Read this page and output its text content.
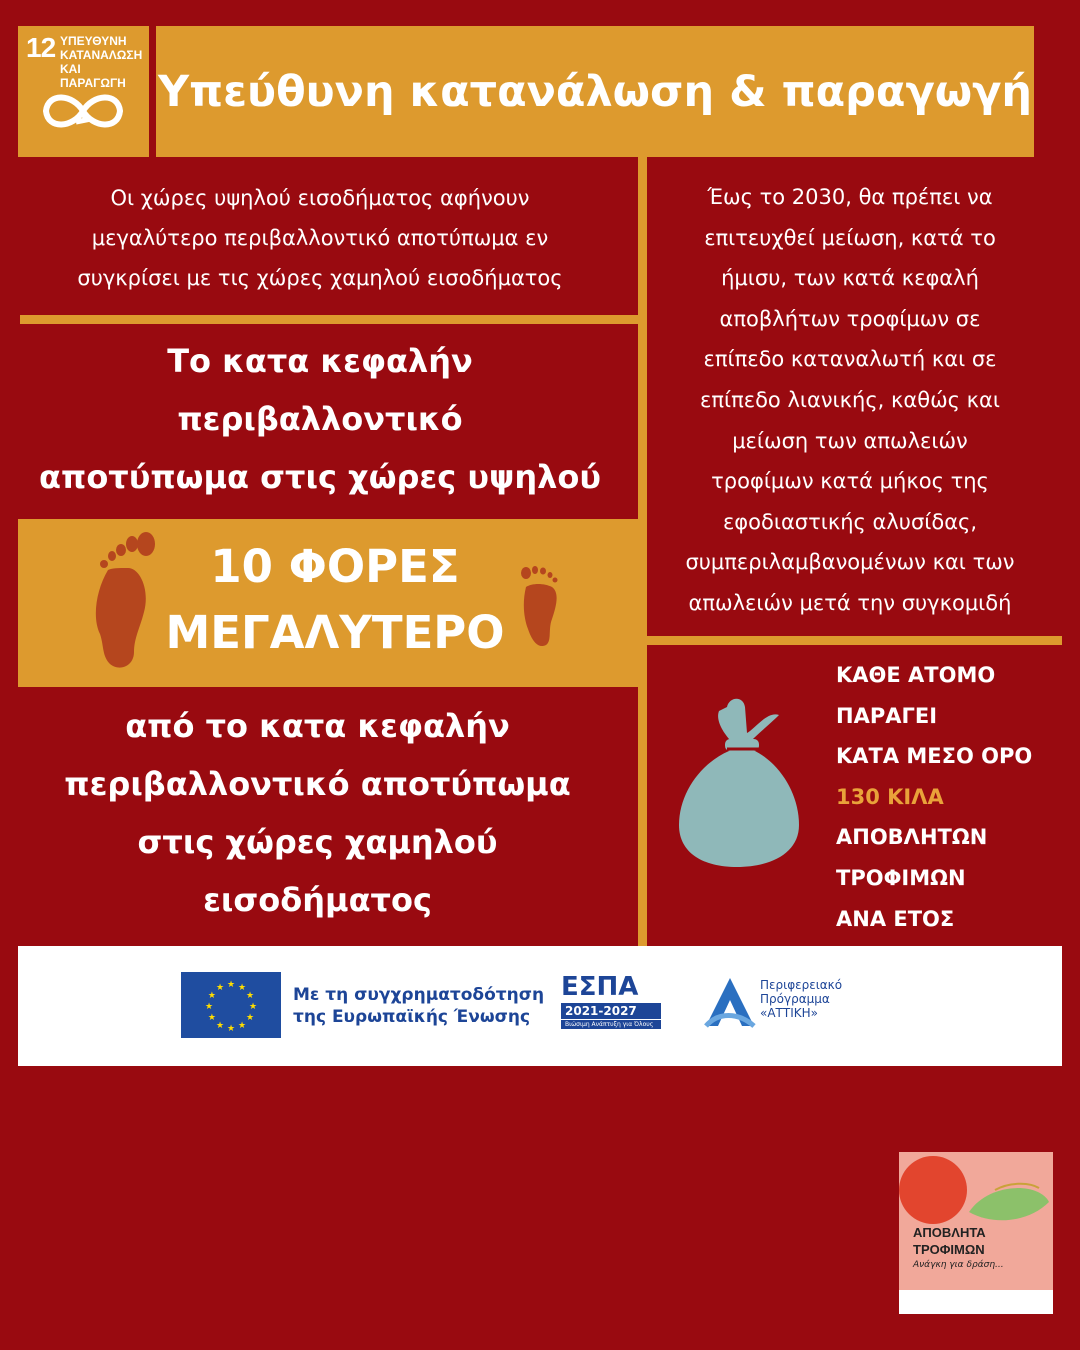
12 ΥΠΕΥΘΥΝΗ
ΚΑΤΑΝΑΛΩΣΗ
ΚΑΙ ΠΑΡΑΓΩΓΗ Υπεύθυνη κατανάλωση & παραγωγή
Οι χώρες υψηλού εισοδήματος αφήνουν
μεγαλύτερο περιβαλλοντικό αποτύπωμα εν
συγκρίσει με τις χώρες χαμηλού εισοδήματος
Το κατα κεφαλήν περιβαλλοντικό
αποτύπωμα στις χώρες υψηλού
10 ΦΟΡΕΣ
ΜΕΓΑΛΥΤΕΡΟ
από το κατα κεφαλήν
περιβαλλοντικό αποτύπωμα
στις χώρες χαμηλού
εισοδήματος
Έως το 2030, θα πρέπει να
επιτευχθεί μείωση, κατά το
ήμισυ, των κατά κεφαλή
αποβλήτων τροφίμων σε
επίπεδο καταναλωτή και σε
επίπεδο λιανικής, καθώς και
μείωση των απωλειών
τροφίμων κατά μήκος της
εφοδιαστικής αλυσίδας,
συμπεριλαμβανομένων και των
απωλειών μετά την συγκομιδή
ΚΑΘΕ ΑΤΟΜΟ
ΠΑΡΑΓΕΙ
ΚΑΤΑ ΜΕΣΟ ΟΡΟ
130 ΚΙΛΑ
ΑΠΟΒΛΗΤΩΝ
ΤΡΟΦΙΜΩΝ
ΑΝΑ ΕΤΟΣ
★
★
★
★
★
★
★
★
★ ★ ★
★ Με τη συγχρηματοδότηση
της Ευρωπαϊκής Ένωσης
ΕΣΠΑ
2021-2027
Βιώσιμη Ανάπτυξη για Όλους
Περιφερειακό
Πρόγραμμα
«ΑΤΤΙΚΗ»
ΑΠΟΒΛΗΤΑ
ΤΡΟΦΙΜΩΝ
Ανάγκη για δράση...
